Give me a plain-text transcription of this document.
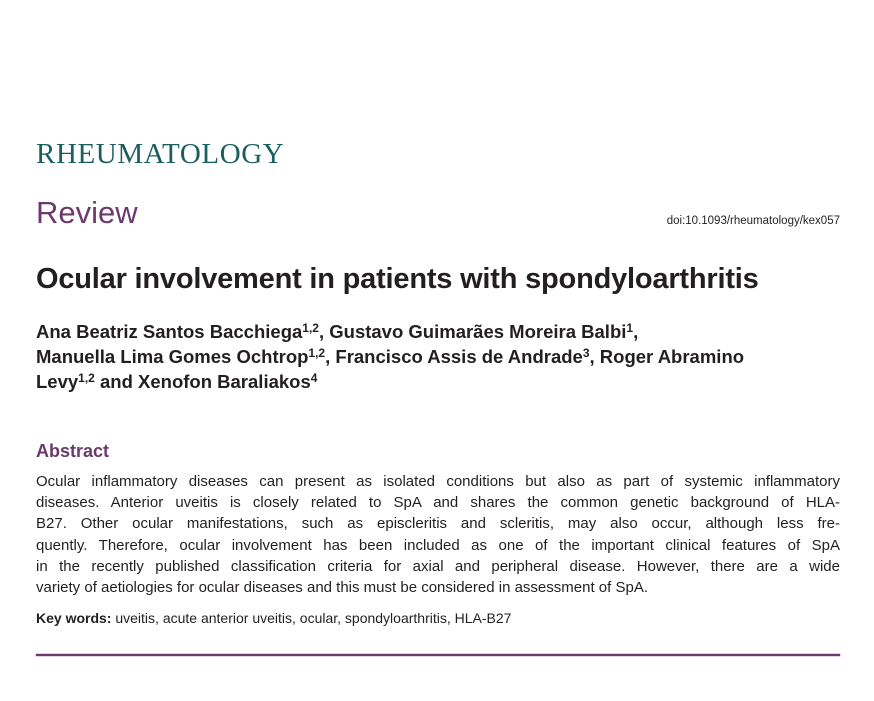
RHEUMATOLOGY
Review	doi:10.1093/rheumatology/kex057
Ocular involvement in patients with spondyloarthritis
Ana Beatriz Santos Bacchiega$^{1,2}$, Gustavo Guimarães Moreira Balbi$^1$,
Manuella Lima Gomes Ochtrop$^{1,2}$, Francisco Assis de Andrade$^3$, Roger Abramino Levy$^{1,2}$ and Xenofon Baraliakos$^4$
Abstract
Ocular inflammatory diseases can present as isolated conditions but also as part of systemic inflammatory
diseases. Anterior uveitis is closely related to SpA and shares the common genetic background of HLA-
B27. Other ocular manifestations, such as episcleritis and scleritis, may also occur, although less fre-
quently. Therefore, ocular involvement has been included as one of the important clinical features of SpA
in the recently published classification criteria for axial and peripheral disease. However, there are a wide
variety of aetiologies for ocular diseases and this must be considered in assessment of SpA.
Key words: uveitis, acute anterior uveitis, ocular, spondyloarthritis, HLA-B27
